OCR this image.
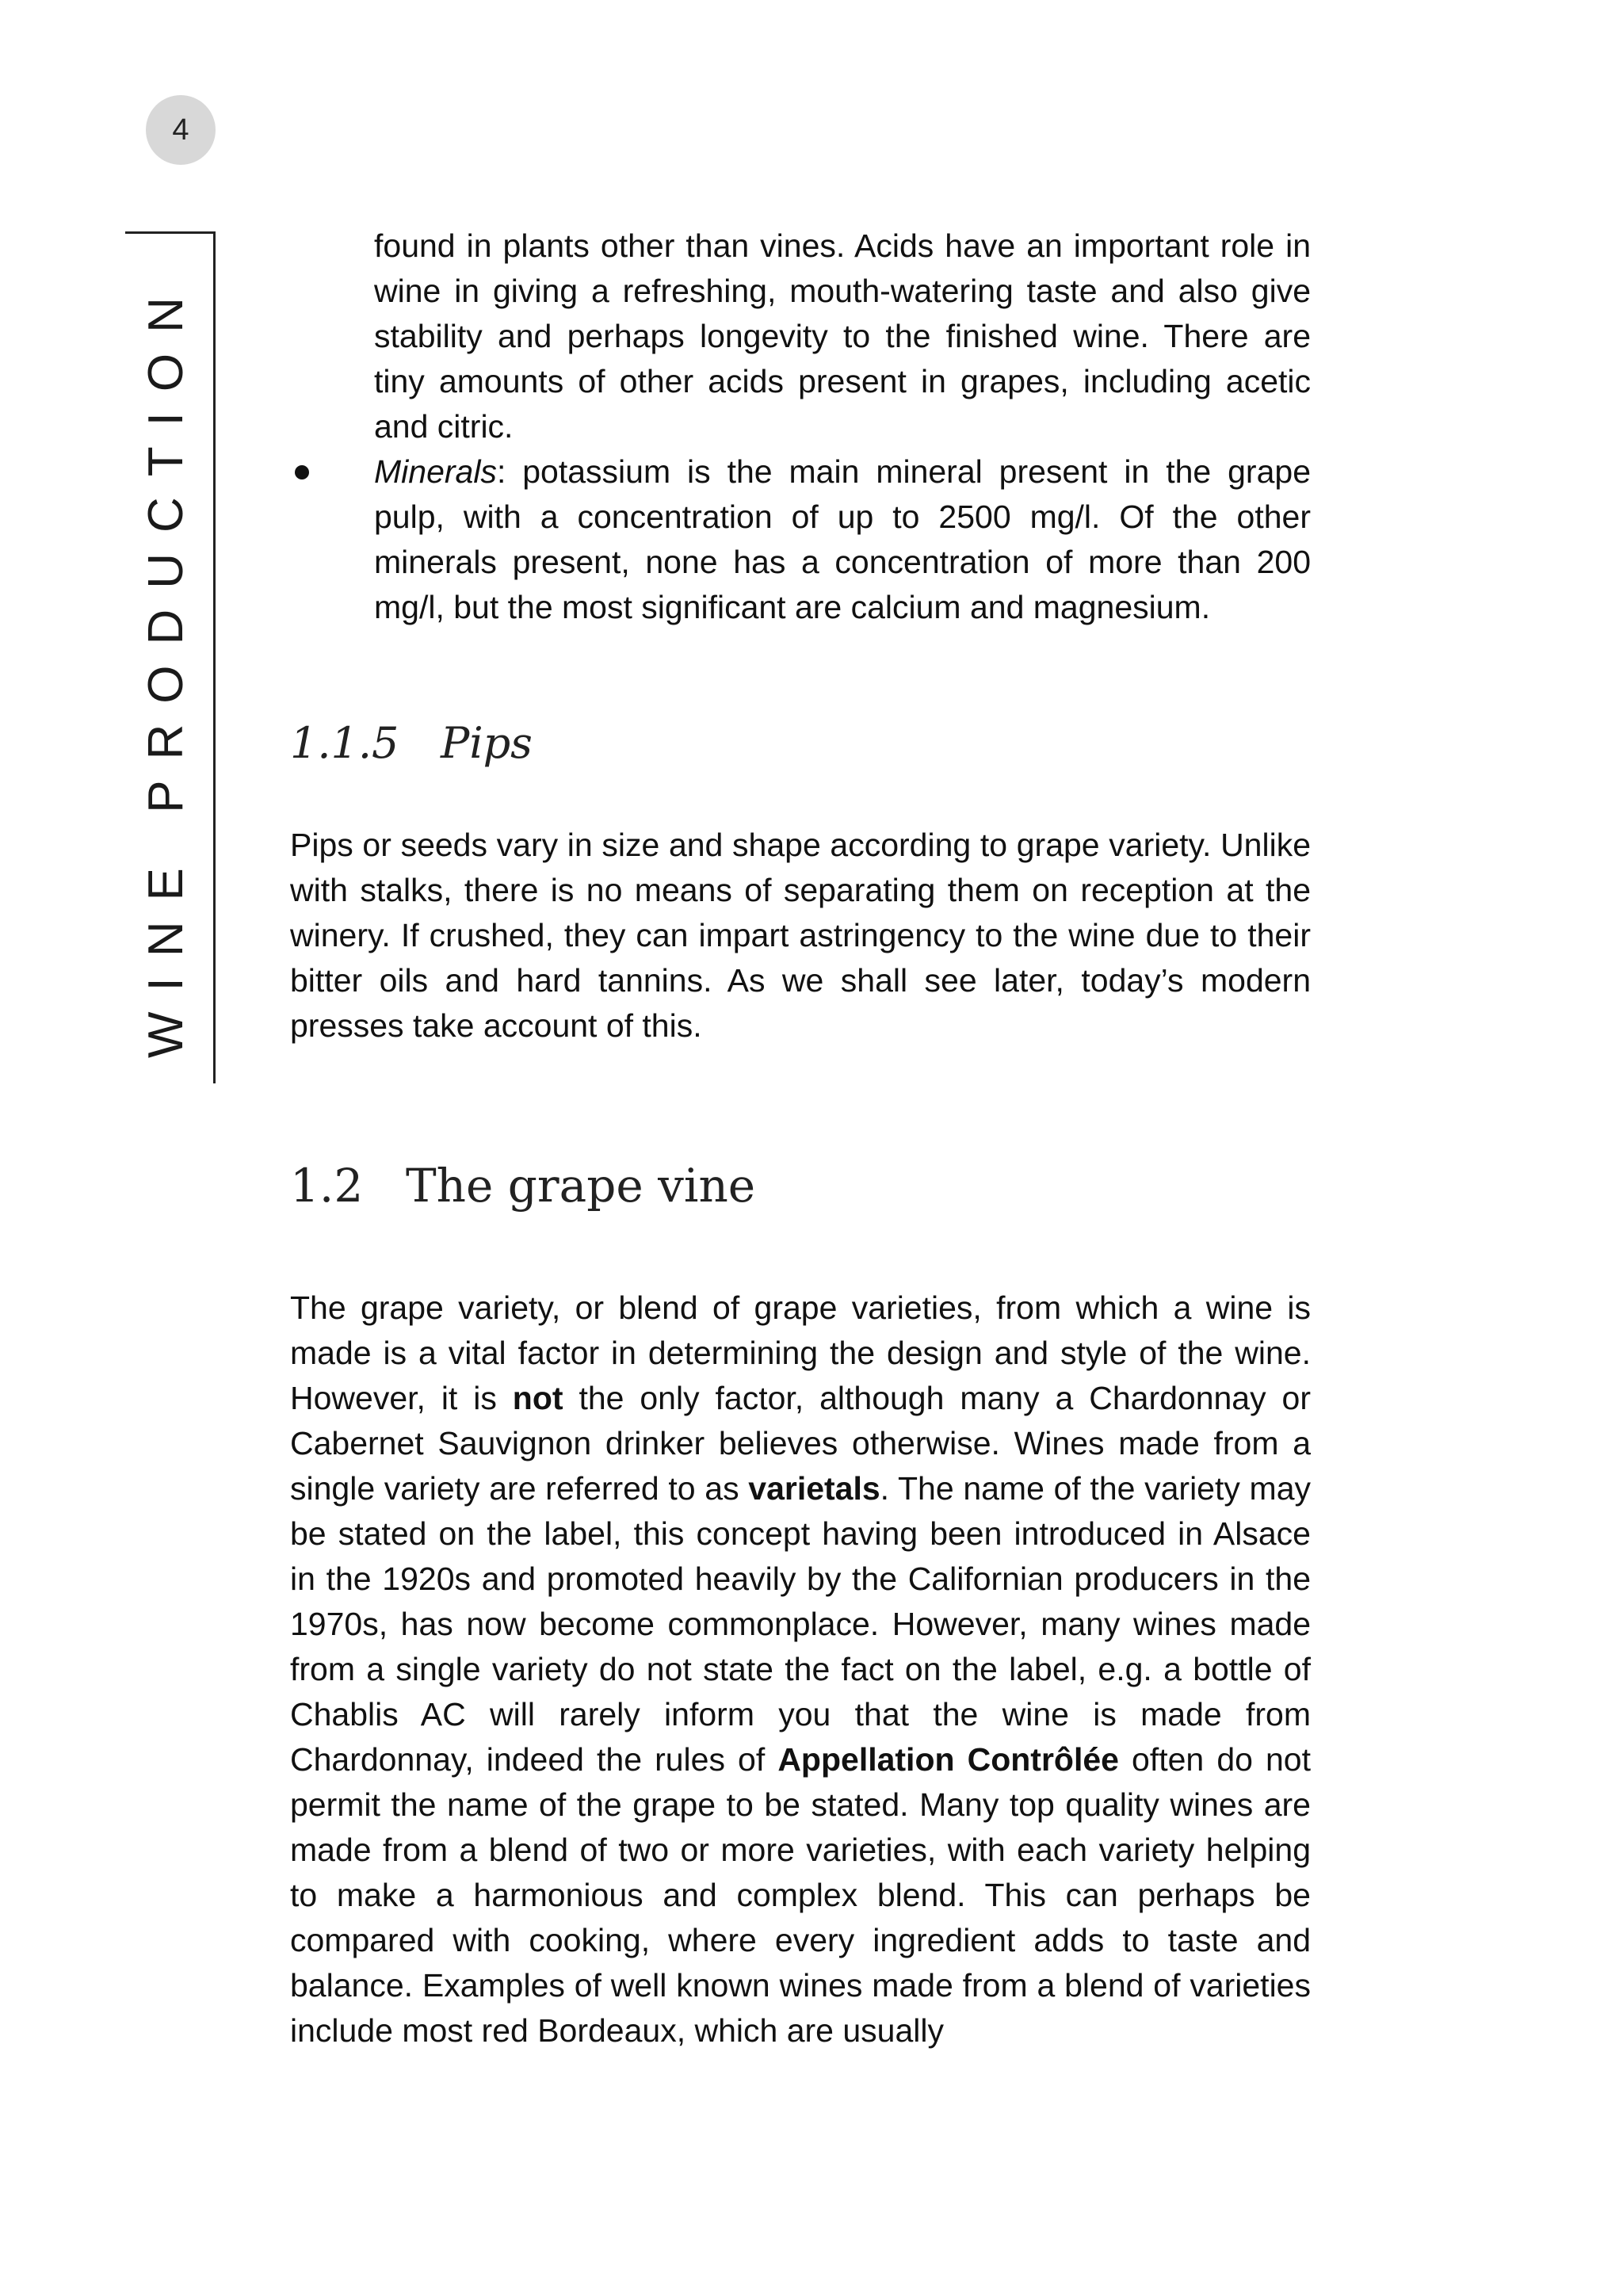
4
WINE PRODUCTION

found in plants other than vines. Acids have an important role in wine in giving a refreshing, mouth-watering taste and also give stability and perhaps longevity to the finished wine. There are tiny amounts of other acids present in grapes, including acetic and citric.

Minerals: potassium is the main mineral present in the grape pulp, with a concentration of up to 2500 mg/l. Of the other minerals present, none has a concentration of more than 200 mg/l, but the most significant are calcium and magnesium.
1.1.5 Pips

Pips or seeds vary in size and shape according to grape variety. Unlike with stalks, there is no means of separating them on reception at the winery. If crushed, they can impart astringency to the wine due to their bitter oils and hard tannins. As we shall see later, today’s modern presses take account of this.

1.2 The grape vine

The grape variety, or blend of grape varieties, from which a wine is made is a vital factor in determining the design and style of the wine. However, it is not the only factor, although many a Chardonnay or Cabernet Sauvignon drinker believes otherwise. Wines made from a single variety are referred to as varietals. The name of the variety may be stated on the label, this concept having been introduced in Alsace in the 1920s and promoted heavily by the Californian producers in the 1970s, has now become commonplace. However, many wines made from a single variety do not state the fact on the label, e.g. a bottle of Chablis AC will rarely inform you that the wine is made from Chardonnay, indeed the rules of Appellation Contrôlée often do not permit the name of the grape to be stated. Many top quality wines are made from a blend of two or more varieties, with each variety helping to make a harmonious and complex blend. This can perhaps be compared with cooking, where every ingredient adds to taste and balance. Examples of well known wines made from a blend of varieties include most red Bordeaux, which are usually
